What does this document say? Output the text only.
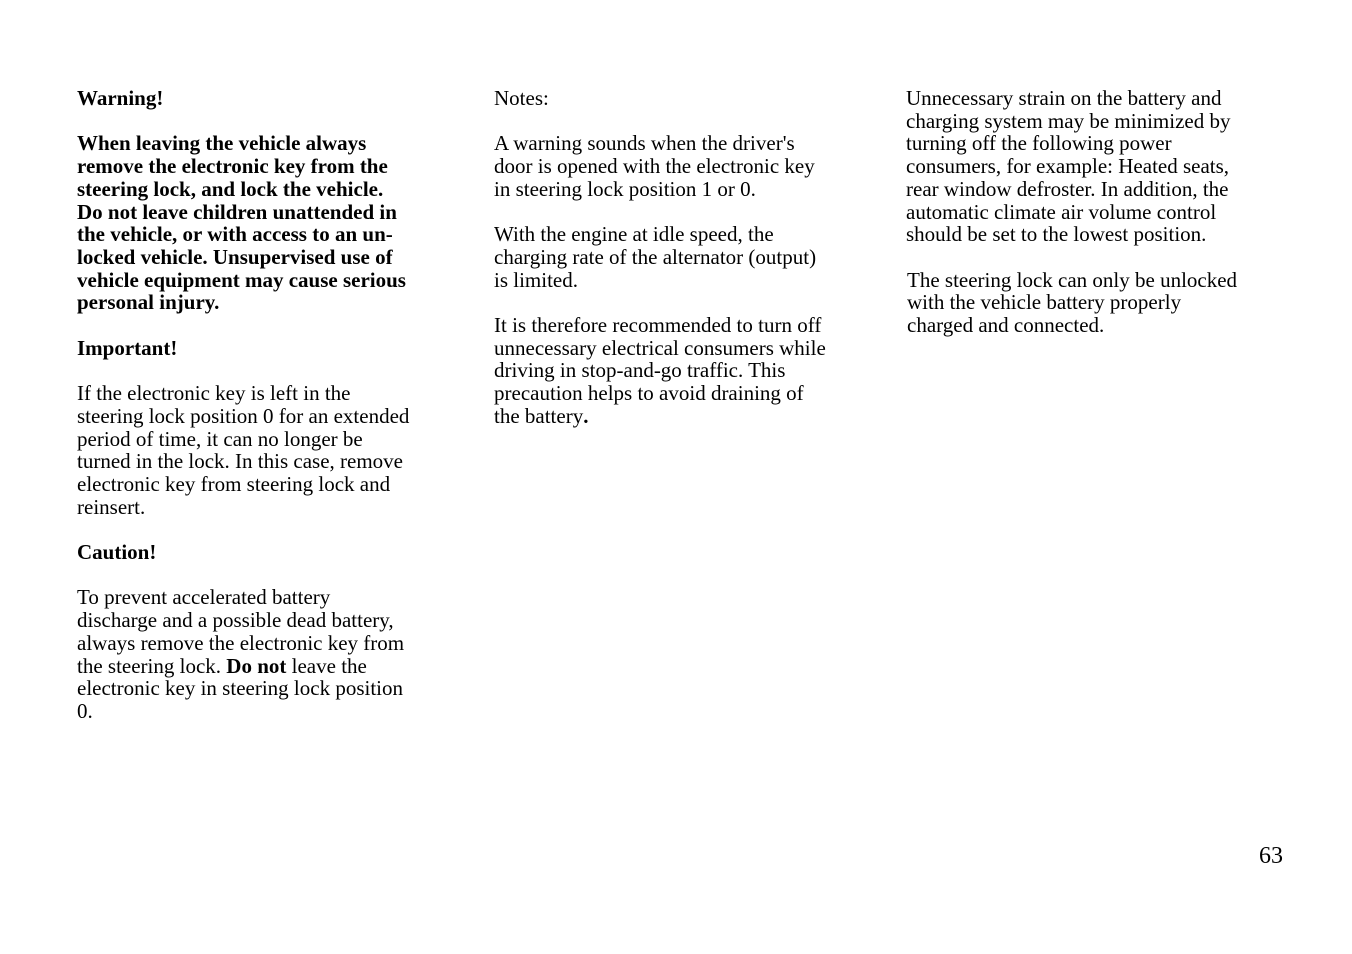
Warning!

When leaving the vehicle always
remove the electronic key from the
steering lock, and lock the vehicle.
Do not leave children unattended in
the vehicle, or with access to an un-
locked vehicle. Unsupervised use of
vehicle equipment may cause serious
personal injury.

Important!

If the electronic key is left in the
steering lock position 0 for an extended
period of time, it can no longer be
turned in the lock. In this case, remove
electronic key from steering lock and
reinsert.

Caution!

To prevent accelerated battery
discharge and a possible dead battery,
always remove the electronic key from
the steering lock. Do not leave the
electronic key in steering lock position
0.

Notes:

A warning sounds when the driver's
door is opened with the electronic key
in steering lock position 1 or 0.

With the engine at idle speed, the
charging rate of the alternator (output)
is limited.

It is therefore recommended to turn off
unnecessary electrical consumers while
driving in stop-and-go traffic. This
precaution helps to avoid draining of
the battery.

Unnecessary strain on the battery and
charging system may be minimized by
turning off the following power
consumers, for example: Heated seats,
rear window defroster. In addition, the
automatic climate air volume control
should be set to the lowest position.

The steering lock can only be unlocked
with the vehicle battery properly
charged and connected.

63
